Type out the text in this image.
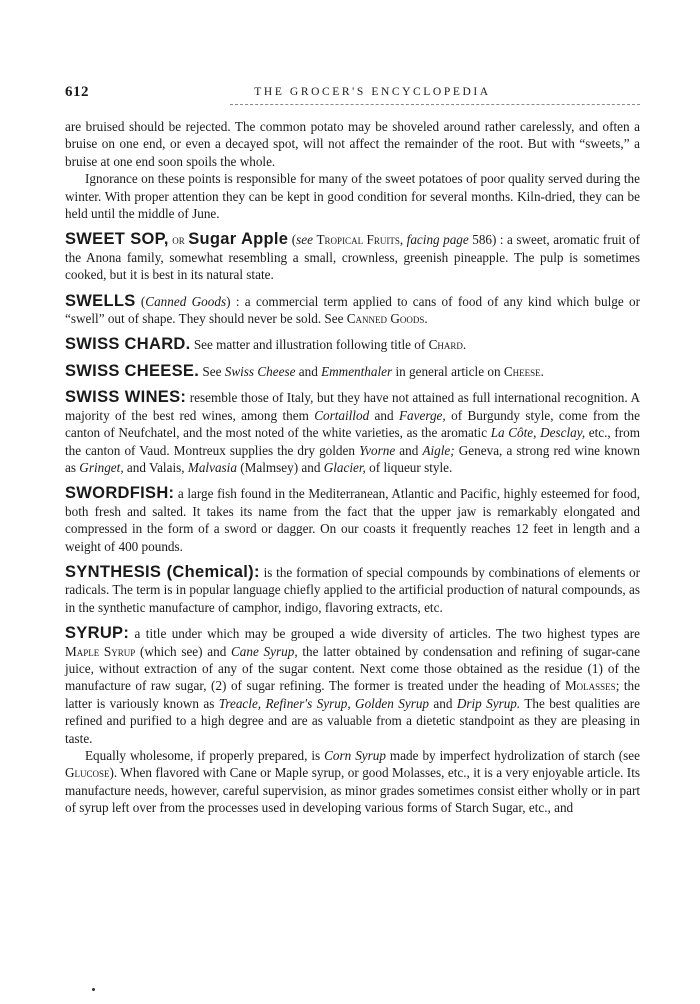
612	THE GROCER'S ENCYCLOPEDIA

are bruised should be rejected. The common potato may be shoveled around rather carelessly, and often a bruise on one end, or even a decayed spot, will not affect the remainder of the root. But with “sweets,” a bruise at one end soon spoils the whole.

Ignorance on these points is responsible for many of the sweet potatoes of poor quality served during the winter. With proper attention they can be kept in good condition for several months. Kiln-dried, they can be held until the middle of June.

SWEET SOP, or Sugar Apple (see Tropical Fruits, facing page 586) : a sweet, aromatic fruit of the Anona family, somewhat resembling a small, crownless, greenish pineapple. The pulp is sometimes cooked, but it is best in its natural state.

SWELLS (Canned Goods) : a commercial term applied to cans of food of any kind which bulge or “swell” out of shape. They should never be sold. See Canned Goods.

SWISS CHARD. See matter and illustration following title of Chard.

SWISS CHEESE. See Swiss Cheese and Emmenthaler in general article on Cheese.

SWISS WINES: resemble those of Italy, but they have not attained as full international recognition. A majority of the best red wines, among them Cortaillod and Faverge, of Burgundy style, come from the canton of Neufchatel, and the most noted of the white varieties, as the aromatic La Côte, Desclay, etc., from the canton of Vaud. Montreux supplies the dry golden Yvorne and Aigle; Geneva, a strong red wine known as Gringet, and Valais, Malvasia (Malmsey) and Glacier, of liqueur style.

SWORDFISH: a large fish found in the Mediterranean, Atlantic and Pacific, highly esteemed for food, both fresh and salted. It takes its name from the fact that the upper jaw is remarkably elongated and compressed in the form of a sword or dagger. On our coasts it frequently reaches 12 feet in length and a weight of 400 pounds.

SYNTHESIS (Chemical): is the formation of special compounds by combinations of elements or radicals. The term is in popular language chiefly applied to the artificial production of natural compounds, as in the synthetic manufacture of camphor, indigo, flavoring extracts, etc.

SYRUP: a title under which may be grouped a wide diversity of articles. The two highest types are Maple Syrup (which see) and Cane Syrup, the latter obtained by condensation and refining of sugar-cane juice, without extraction of any of the sugar content. Next come those obtained as the residue (1) of the manufacture of raw sugar, (2) of sugar refining. The former is treated under the heading of Molasses; the latter is variously known as Treacle, Refiner's Syrup, Golden Syrup and Drip Syrup. The best qualities are refined and purified to a high degree and are as valuable from a dietetic standpoint as they are pleasing in taste.

Equally wholesome, if properly prepared, is Corn Syrup made by imperfect hydrolization of starch (see Glucose). When flavored with Cane or Maple syrup, or good Molasses, etc., it is a very enjoyable article. Its manufacture needs, however, careful supervision, as minor grades sometimes consist either wholly or in part of syrup left over from the processes used in developing various forms of Starch Sugar, etc., and
